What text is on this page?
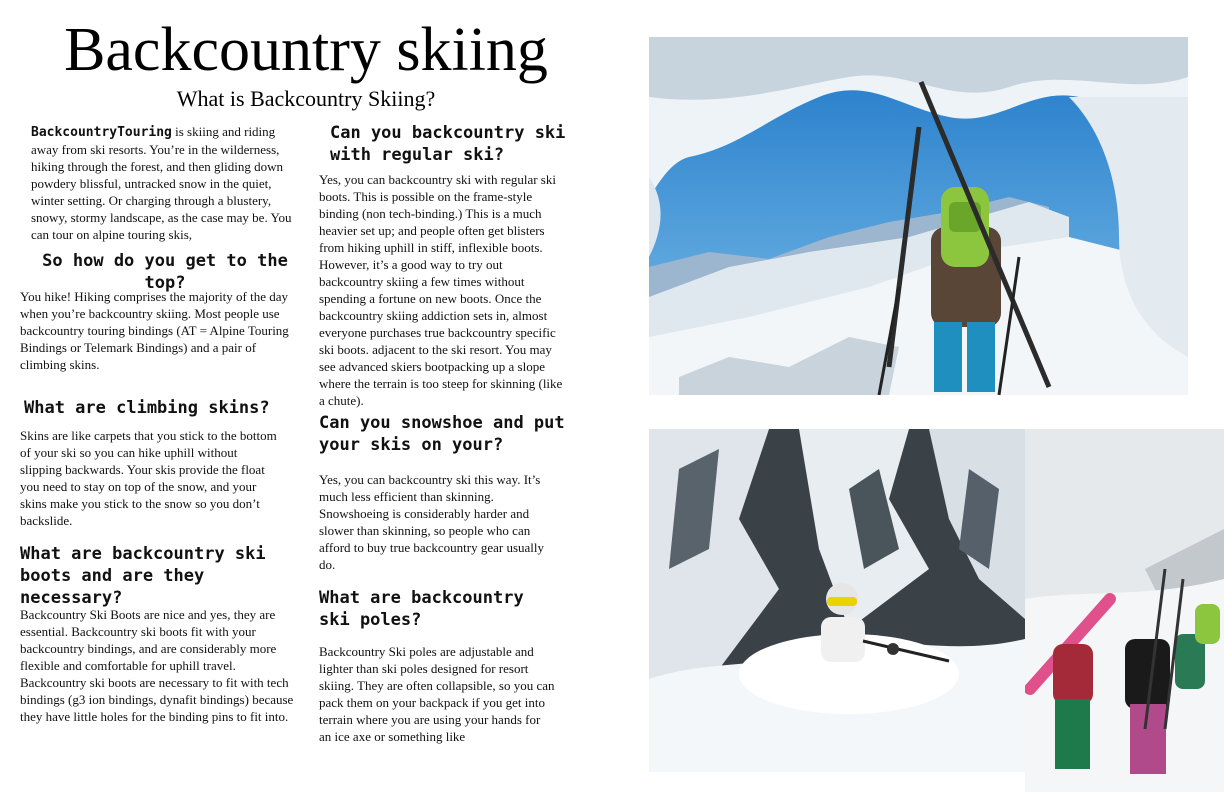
Backcountry skiing
What is Backcountry Skiing?

BackcountryTouring is skiing and riding away from ski resorts. You’re in the wilderness, hiking through the forest, and then gliding down powdery blissful, untracked snow in the quiet, winter setting. Or charging through a blustery, snowy, stormy landscape, as the case may be. You can tour on alpine touring skis,

So how do you get to the top?

You hike! Hiking comprises the majority of the day when you’re backcountry skiing. Most people use backcountry touring bindings (AT = Alpine Touring Bindings or Telemark Bindings) and a pair of climbing skins.

What are climbing skins?

Skins are like carpets that you stick to the bottom of your ski so you can hike uphill without slipping backwards. Your skis provide the float you need to stay on top of the snow, and your skins make you stick to the snow so you don’t backslide.

What are backcountry ski boots and are they necessary?

Backcountry Ski Boots are nice and yes, they are essential. Backcountry ski boots fit with your backcountry bindings, and are considerably more flexible and comfortable for uphill travel. Backcountry ski boots are necessary to fit with tech bindings (g3 ion bindings, dynafit bindings) because they have little holes for the binding pins to fit into.

Can you backcountry ski with regular ski?

Yes, you can backcountry ski with regular ski boots. This is possible on the frame-style binding (non tech-binding.) This is a much heavier set up; and people often get blisters from hiking uphill in stiff, inflexible boots. However, it’s a good way to try out backcountry skiing a few times without spending a fortune on new boots. Once the backcountry skiing addiction sets in, almost everyone purchases true backcountry specific ski boots. adjacent to the ski resort. You may see advanced skiers bootpacking up a slope where the terrain is too steep for skinning (like a chute).

Can you snowshoe and put your skis on your?

Yes, you can backcountry ski this way. It’s much less efficient than skinning. Snowshoeing is considerably harder and slower than skinning, so people who can afford to buy true backcountry gear usually do.

What are backcountry ski poles?

Backcountry Ski poles are adjustable and lighter than ski poles designed for resort skiing. They are often collapsible, so you can pack them on your backpack if you get into terrain where you are using your hands for an ice axe or something like
